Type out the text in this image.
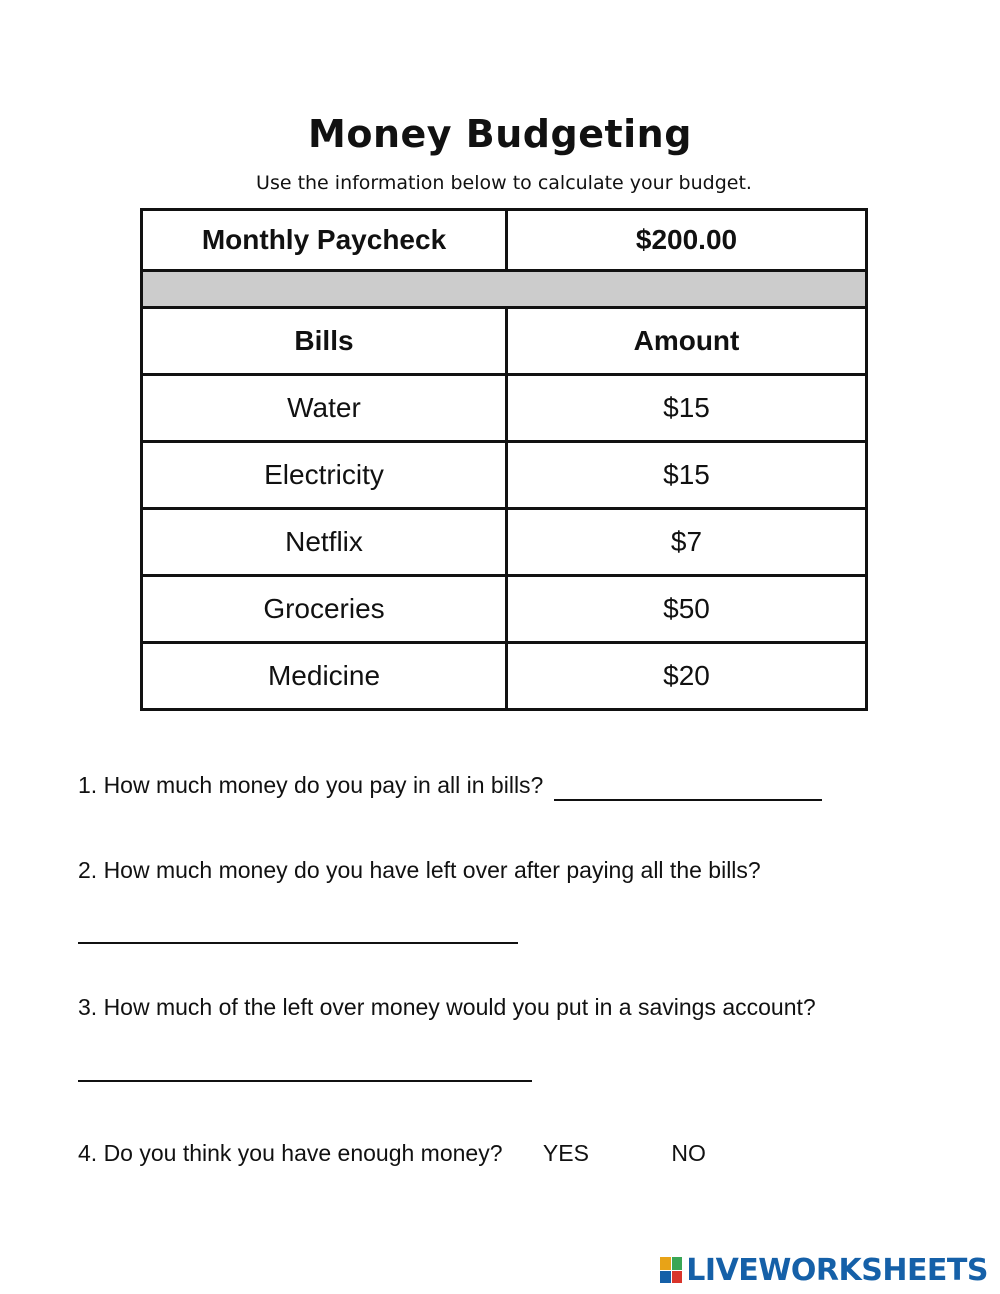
Money Budgeting
Use the information below to calculate your budget.
Monthly Paycheck	$200.00

Bills	Amount
Water	$15
Electricity	$15
Netflix	$7
Groceries	$50
Medicine	$20
1. How much money do you pay in all in bills?
2. How much money do you have left over after paying all the bills?
3. How much of the left over money would you put in a savings account?
4. Do you think you have enough money? YES	NO
LIVEWORKSHEETS
